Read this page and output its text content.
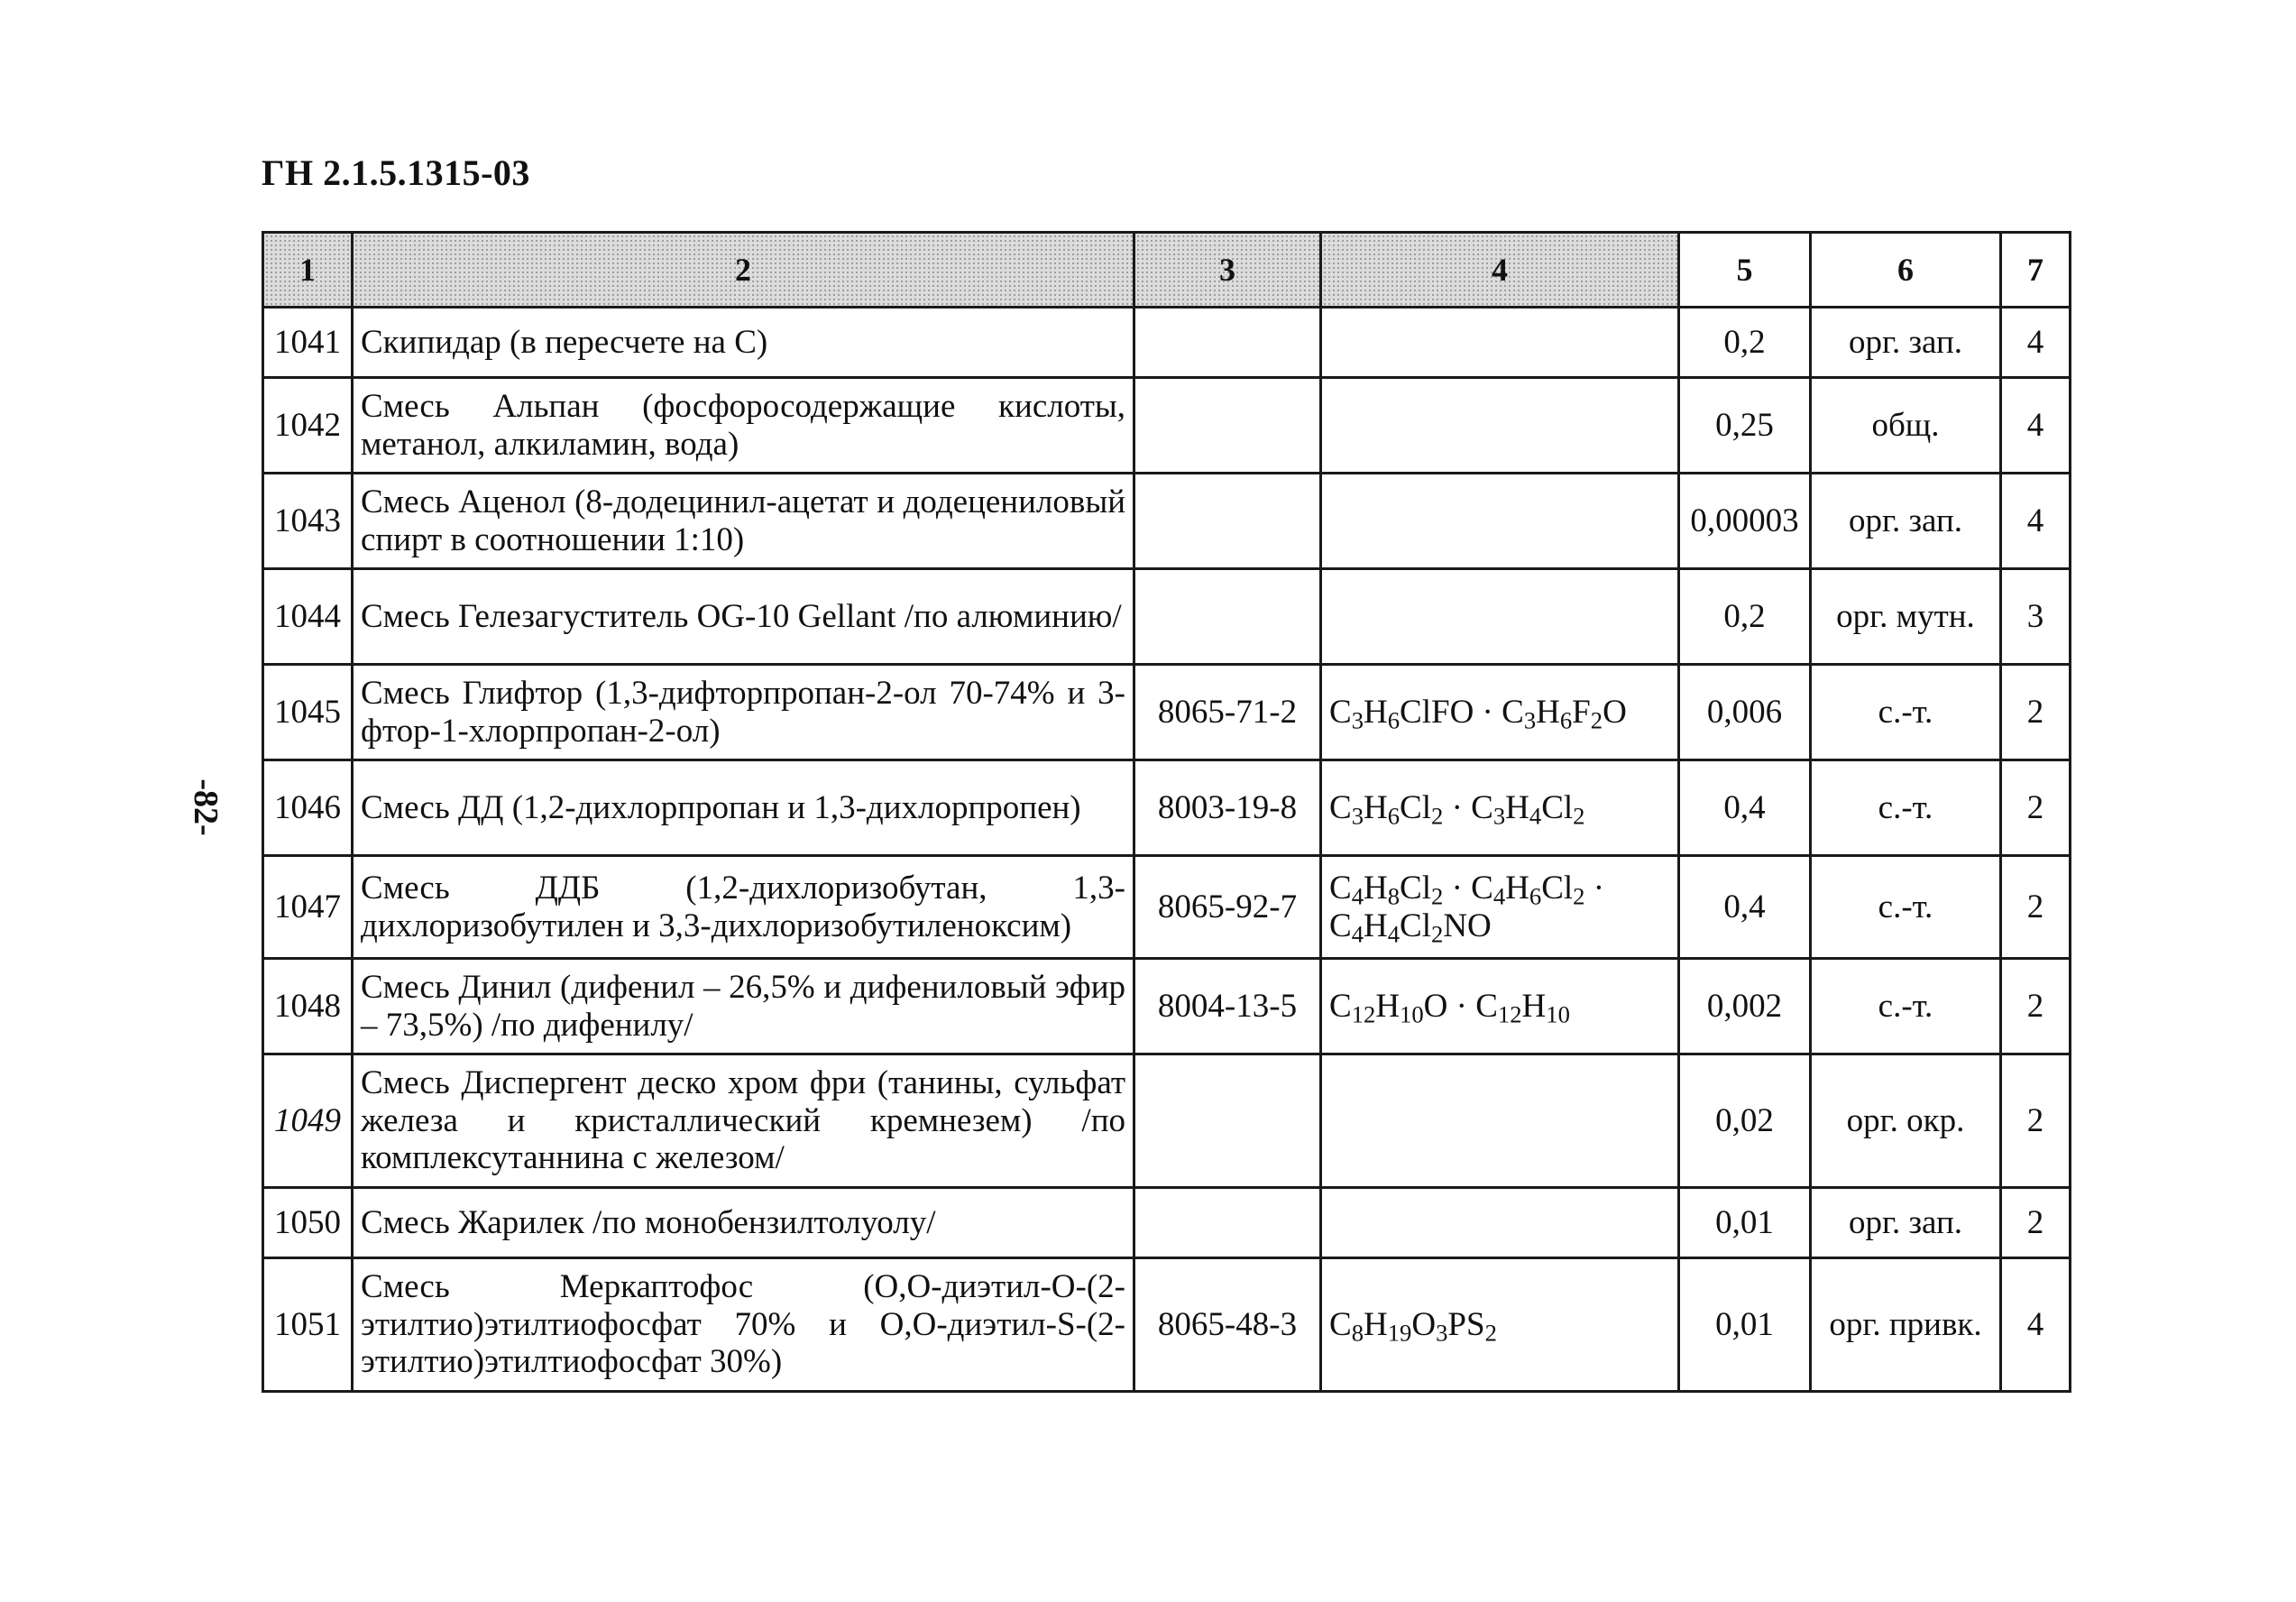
ГН 2.1.5.1315-03
-82-
1	2	3	4	5	6	7
1041	Скипидар (в пересчете на С)			0,2	орг. зап.	4
1042	Смесь Альпан (фосфоросодержащие кислоты, метанол, алкиламин, вода)			0,25	общ.	4
1043	Смесь Аценол (8-додецинил-ацетат и додецениловый спирт в соотношении 1:10)			0,00003	орг. зап.	4
1044	Смесь Гелезагуститель OG-10 Gellant /по алюминию/			0,2	орг. мутн.	3
1045	Смесь Глифтор (1,3-дифторпропан-2-ол 70-74% и 3-фтор-1-хлорпропан-2-ол)	8065-71-2	$C_3H_6ClFO \cdot C_3H_6F_2O$	0,006	с.-т.	2
1046	Смесь ДД (1,2-дихлорпропан и 1,3-дихлорпропен)	8003-19-8	$C_3H_6Cl_2 \cdot C_3H_4Cl_2$	0,4	с.-т.	2
1047	Смесь ДДБ (1,2-дихлоризобутан, 1,3-дихлоризобутилен и 3,3-дихлоризобутиленоксим)	8065-92-7	$C_4H_8Cl_2 \cdot C_4H_6Cl_2 \cdot C_4H_4Cl_2NO$	0,4	с.-т.	2
1048	Смесь Динил (дифенил – 26,5% и дифениловый эфир – 73,5%) /по дифенилу/	8004-13-5	$C_{12}H_{10}O \cdot C_{12}H_{10}$	0,002	с.-т.	2
1049	Смесь Диспергент деско хром фри (танины, сульфат железа и кристаллический кремнезем) /по комплексутаннина с железом/			0,02	орг. окр.	2
1050	Смесь Жарилек /по монобензилтолуолу/			0,01	орг. зап.	2
1051	Смесь Меркаптофос (О,О-диэтил-О-(2-этилтио)этилтиофосфат 70% и О,О-диэтил-S-(2-этилтио)этилтиофосфат 30%)	8065-48-3	$C_8H_{19}O_3PS_2$	0,01	орг. привк.	4
